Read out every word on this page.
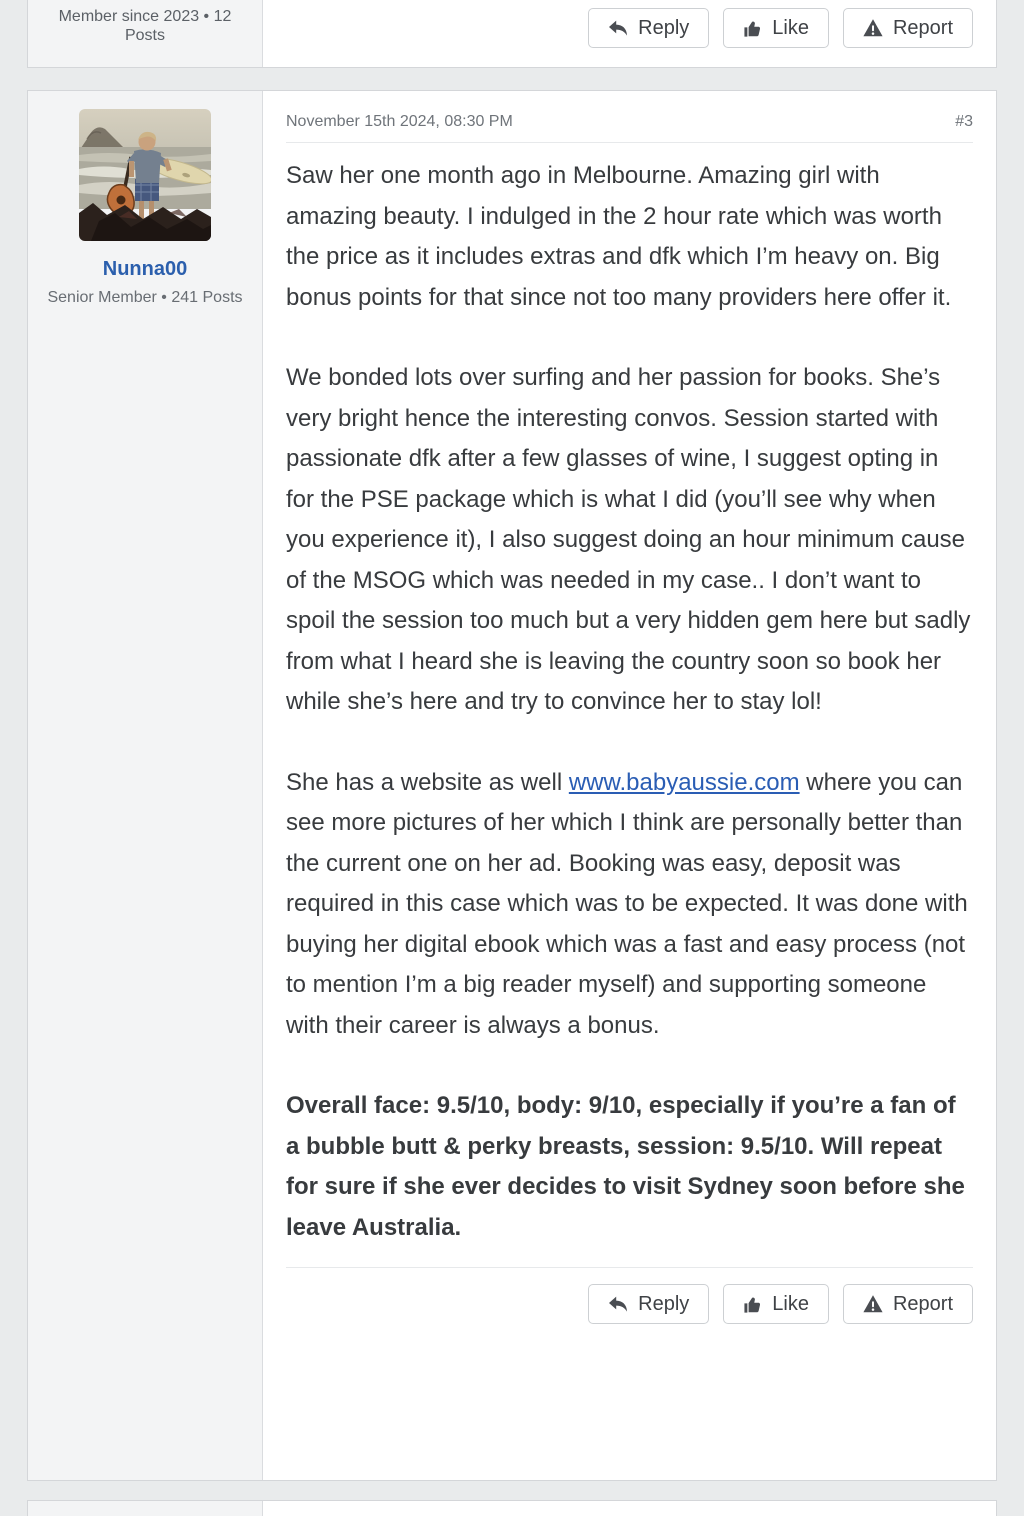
Member since 2023 • 12 Posts	Reply	Like	Report
Nunna00
Senior Member • 241 Posts
November 15th 2024, 08:30 PM	#3

Saw her one month ago in Melbourne. Amazing girl with amazing beauty. I indulged in the 2 hour rate which was worth the price as it includes extras and dfk which I’m heavy on. Big bonus points for that since not too many providers here offer it.

We bonded lots over surfing and her passion for books. She’s very bright hence the interesting convos. Session started with passionate dfk after a few glasses of wine, I suggest opting in for the PSE package which is what I did (you’ll see why when you experience it), I also suggest doing an hour minimum cause of the MSOG which was needed in my case.. I don’t want to spoil the session too much but a very hidden gem here but sadly from what I heard she is leaving the country soon so book her while she’s here and try to convince her to stay lol!

She has a website as well www.babyaussie.com where you can see more pictures of her which I think are personally better than the current one on her ad. Booking was easy, deposit was required in this case which was to be expected. It was done with buying her digital ebook which was a fast and easy process (not to mention I’m a big reader myself) and supporting someone with their career is always a bonus.

Overall face: 9.5/10, body: 9/10, especially if you’re a fan of a bubble butt & perky breasts, session: 9.5/10. Will repeat for sure if she ever decides to visit Sydney soon before she leave Australia.

Reply	Like	Report
